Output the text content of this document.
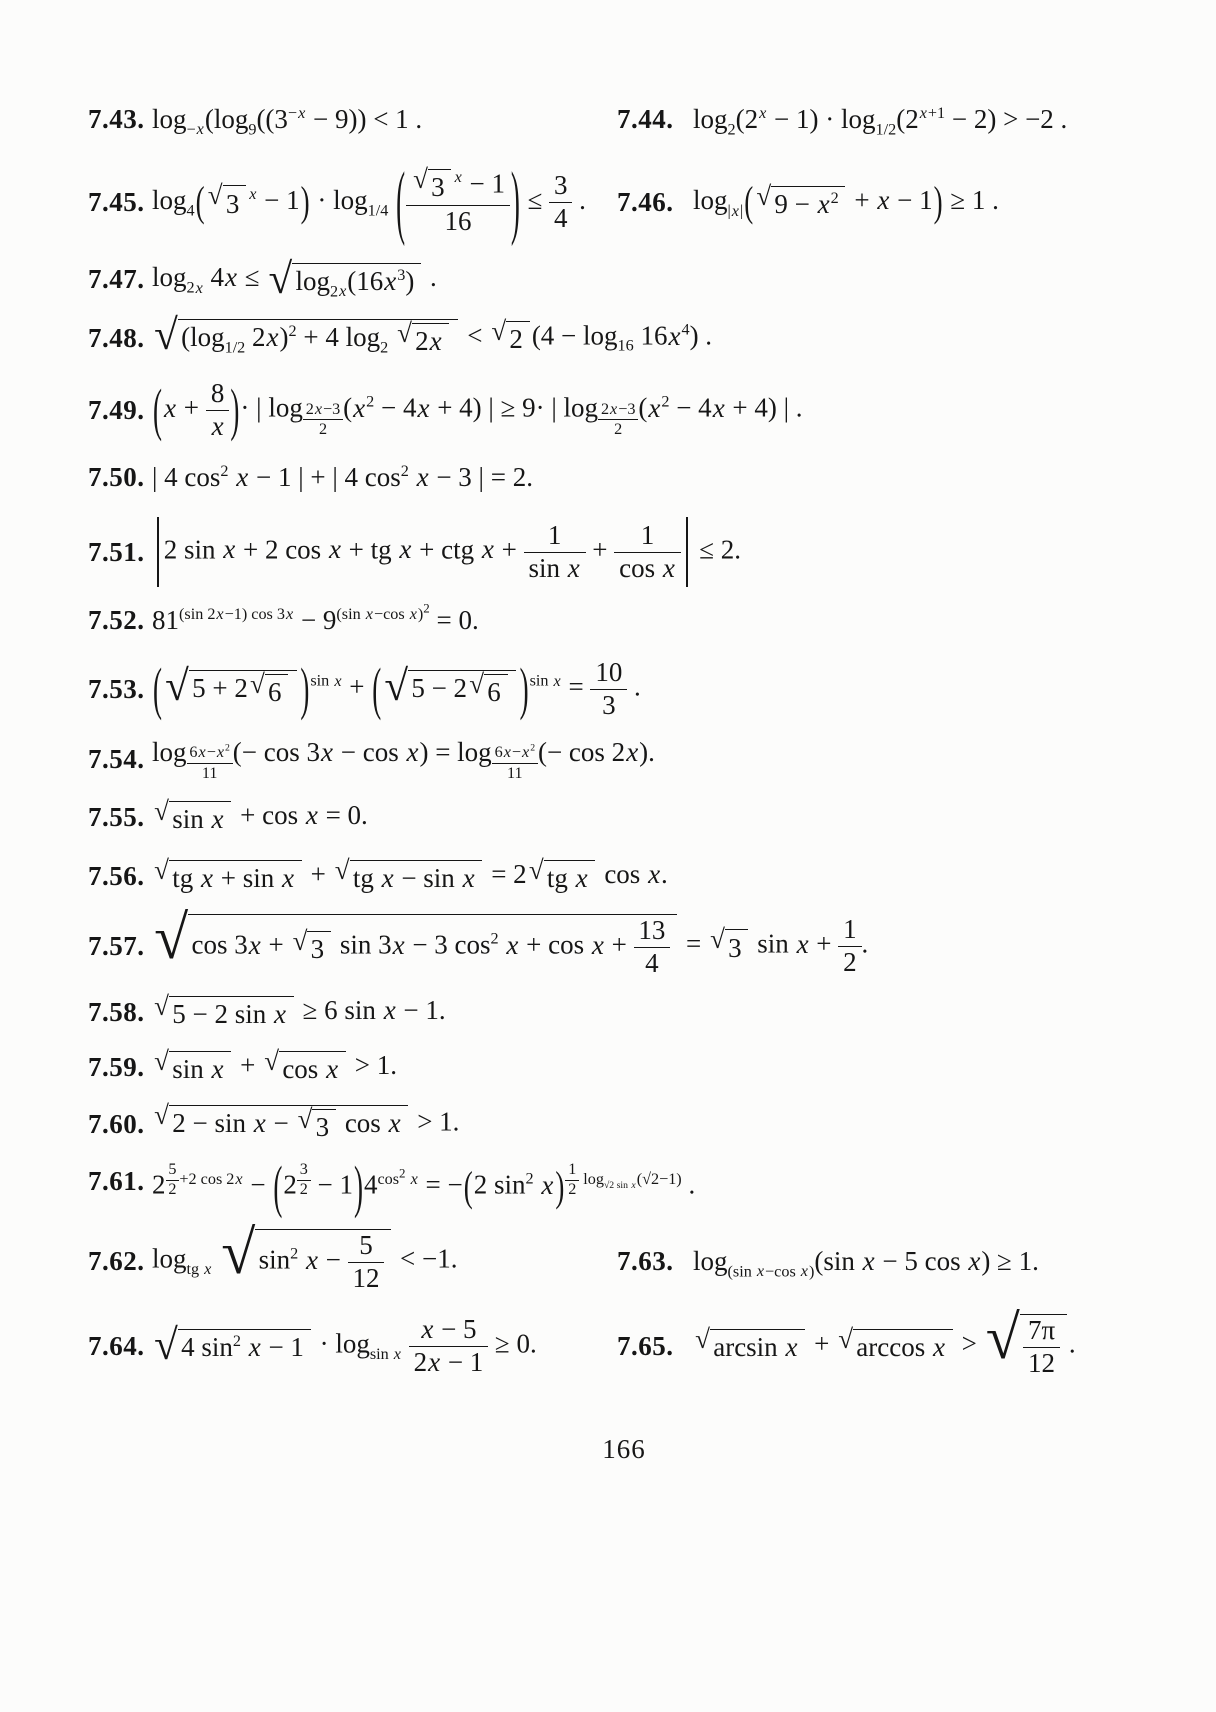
7.43. $\log_{-x}(\log_9((3^{-x} - 9)) < 1$ .	7.44. $\log_2(2^x - 1) \cdot \log_{1/2}(2^{x+1} - 2) > -2$ .
7.45. $\log_4$( √ 3 $^x - 1) \cdot \log_{1/4}$ ( $\frac{√ 3 ^x - 1}{16}$ ) ≤ $\frac{3}{4}$ . 7.46. $\log_{|x|}$( √ $9 - x^2 + x - 1) \ge 1$ .
7.47. $\log_{2x} 4x$ ≤ √ $\log_{2x}(16x^3)$ .
7.48. √ ($\log_{1/2}$ 2x)$^2$ + 4 $\log_2$ √ 2x < √ 2 $(4 - \log_{16} 16x^4)$ .
7.49. ($x + \frac{8}{x}$ )· | log $_{\frac{2x-3}{2}}$ $(x^2 - 4x + 4)$ | ≥ 9· | log $_{\frac{2x-3}{2}}$ $(x^2 - 4x + 4)$ | .
7.50. | 4 $\cos^2 x - 1$ | + | 4 $\cos^2 x - 3$ | = 2.
7.51. 2 sin x + 2 cos x + tg x + ctg $x + \frac{1}{\text{sin x}} + \frac{1}{\text{cos x}} \le 2$.
7.52. $81^{(sin 2x-1) cos 3x} - 9^{(sin x-cos x)^2} = 0$.
7.53. ( √ 5 + 2 √ 6 )$^{sin x}$ + ( √ 5 − 2 √ 6 )$^{sin x} = \frac{10}{3}$ .
7.54. log $_{\frac{6x-x^2}{11}}$ (− cos 3x − cos x) = log $_{\frac{6x-x^2}{11}}$ (− cos 2x).
7.55. √ sin x + cos x = 0.
7.56. √ tg x + sin x + √ tg x − sin x = 2 √ tg x cos x.
7.57. √ cos 3x + √ 3 sin 3x − 3 $\cos^2 x + \cos x + \frac{13}{4}$ = √ 3 $\sin x + \frac{1}{2}$ .
7.58. √ 5 − 2 sin x ≥ 6 sin x − 1.
7.59. √ sin x + √ cos x > 1.
7.60. √ 2 − sin x − √ 3 cos x > 1.
7.61. 2 $^{\frac{5}{2} +2 cos 2x}$ − (2 $^{\frac{3}{2}} - 1)4^{cos^2 x} = -(2$ $\sin^2 x$) $^{\frac{1}{2} log_{√2 sin x}(√2-1)}$ .
7.62. $\log_{tg x}$ √ $\sin^2 x - \frac{5}{12} < -1$.	7.63. $\log_{(sin x-cos x)}(\sin$ x − 5 cos x) ≥ 1.
7.64. √ 4 $\sin^2 x - 1 \cdot \log_{sin x} \frac{x - 5}{2x - 1} \ge 0$.	7.65. √ arcsin x + √ arccos x > √ $\frac{7\pi}{12}$ .
166
